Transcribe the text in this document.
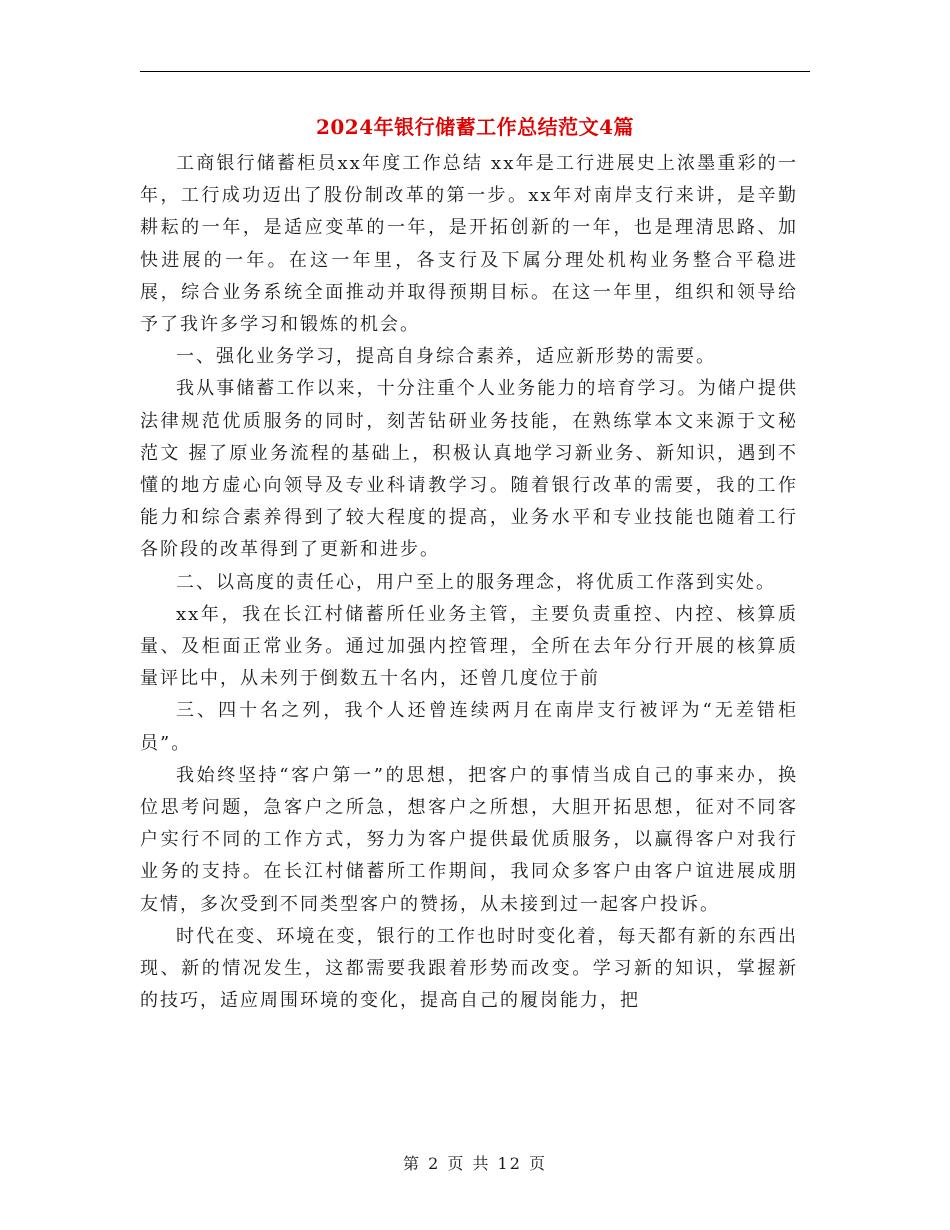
2024年银行储蓄工作总结范文4篇

工商银行储蓄柜员xx年度工作总结 xx年是工行进展史上浓墨重彩的一年，工行成功迈出了股份制改革的第一步。xx年对南岸支行来讲，是辛勤耕耘的一年，是适应变革的一年，是开拓创新的一年，也是理清思路、加快进展的一年。在这一年里，各支行及下属分理处机构业务整合平稳进展，综合业务系统全面推动并取得预期目标。在这一年里，组织和领导给予了我许多学习和锻炼的机会。

一、强化业务学习，提高自身综合素养，适应新形势的需要。

我从事储蓄工作以来，十分注重个人业务能力的培育学习。为储户提供法律规范优质服务的同时，刻苦钻研业务技能，在熟练掌本文来源于文秘范文 握了原业务流程的基础上，积极认真地学习新业务、新知识，遇到不懂的地方虚心向领导及专业科请教学习。随着银行改革的需要，我的工作能力和综合素养得到了较大程度的提高，业务水平和专业技能也随着工行各阶段的改革得到了更新和进步。

二、以高度的责任心，用户至上的服务理念，将优质工作落到实处。

xx年，我在长江村储蓄所任业务主管，主要负责重控、内控、核算质量、及柜面正常业务。通过加强内控管理，全所在去年分行开展的核算质量评比中，从未列于倒数五十名内，还曾几度位于前

三、四十名之列，我个人还曾连续两月在南岸支行被评为“无差错柜员”。

我始终坚持“客户第一”的思想，把客户的事情当成自己的事来办，换位思考问题，急客户之所急，想客户之所想，大胆开拓思想，征对不同客户实行不同的工作方式，努力为客户提供最优质服务，以赢得客户对我行业务的支持。在长江村储蓄所工作期间，我同众多客户由客户谊进展成朋友情，多次受到不同类型客户的赞扬，从未接到过一起客户投诉。

时代在变、环境在变，银行的工作也时时变化着，每天都有新的东西出现、新的情况发生，这都需要我跟着形势而改变。学习新的知识，掌握新的技巧，适应周围环境的变化，提高自己的履岗能力，把

第 2 页 共 12 页
